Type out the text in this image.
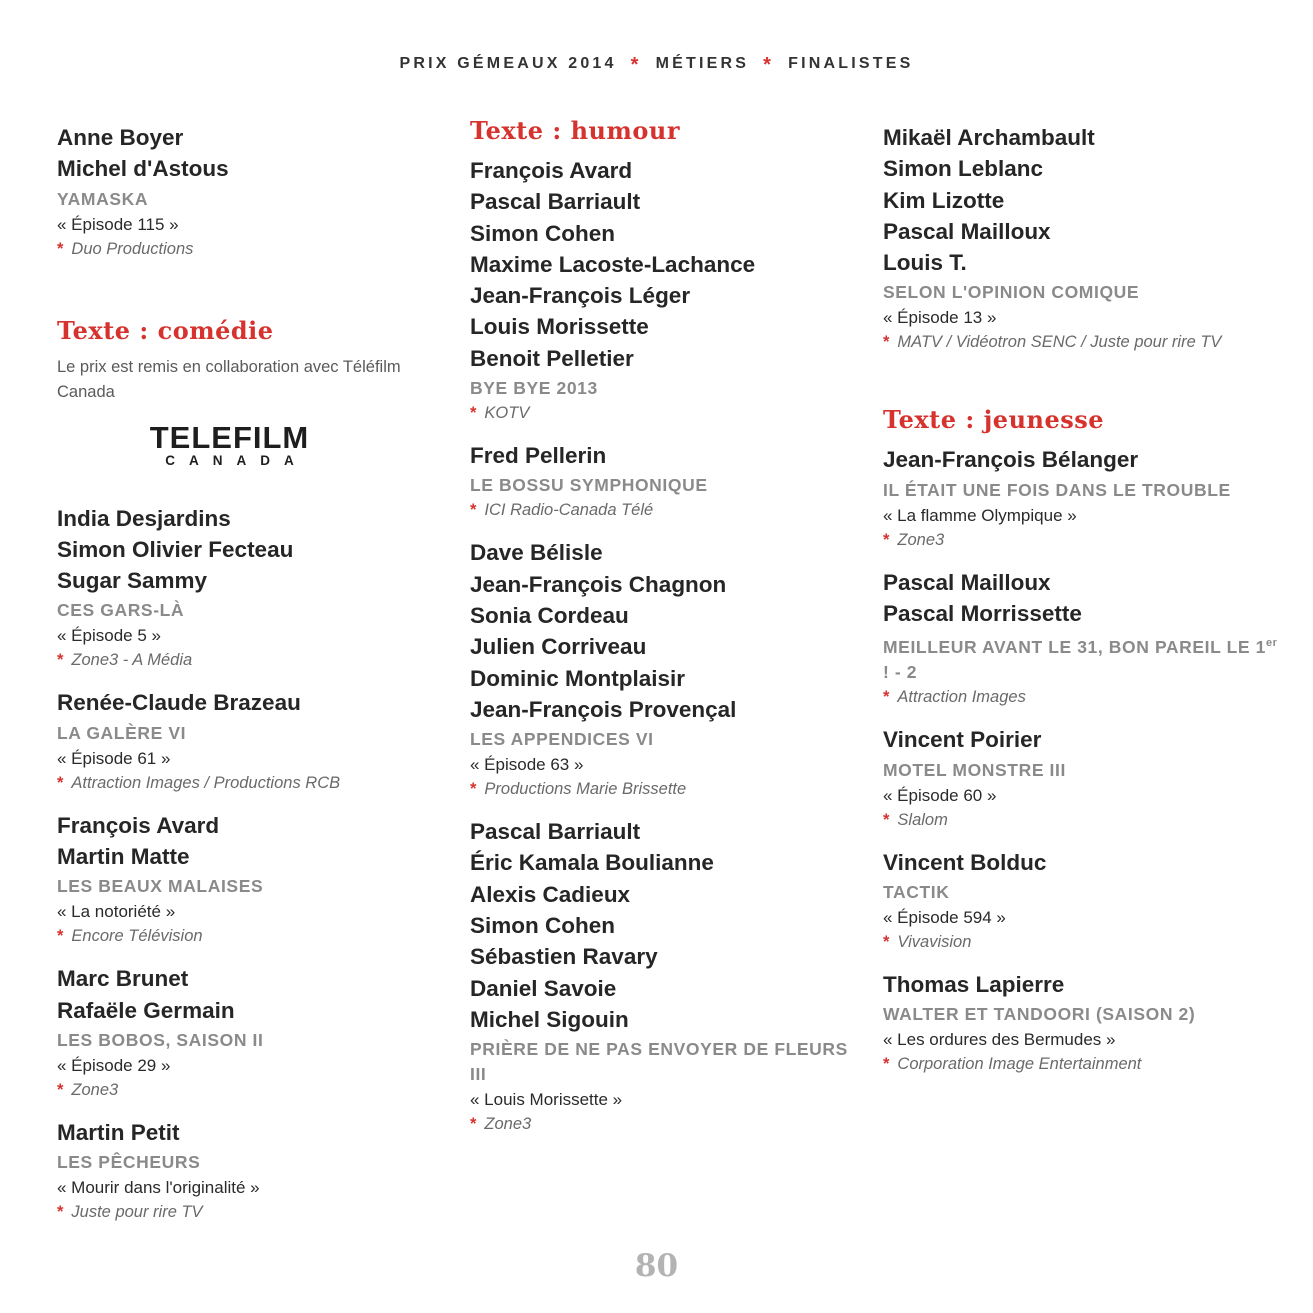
PRIX GÉMEAUX 2014 * MÉTIERS * FINALISTES
Anne Boyer
Michel d'Astous
YAMASKA
« Épisode 115 »
* Duo Productions
Texte : comédie
Le prix est remis en collaboration avec Téléfilm Canada
TELEFILM
CANADA
India Desjardins
Simon Olivier Fecteau
Sugar Sammy
CES GARS-LÀ
« Épisode 5 »
* Zone3 - A Média
Renée-Claude Brazeau
LA GALÈRE VI
« Épisode 61 »
* Attraction Images / Productions RCB
François Avard
Martin Matte
LES BEAUX MALAISES
« La notoriété »
* Encore Télévision
Marc Brunet
Rafaële Germain
LES BOBOS, SAISON II
« Épisode 29 »
* Zone3
Martin Petit
LES PÊCHEURS
« Mourir dans l'originalité »
* Juste pour rire TV
Texte : humour
François Avard
Pascal Barriault
Simon Cohen
Maxime Lacoste-Lachance
Jean-François Léger
Louis Morissette
Benoit Pelletier
BYE BYE 2013
* KOTV
Fred Pellerin
LE BOSSU SYMPHONIQUE
* ICI Radio-Canada Télé
Dave Bélisle
Jean-François Chagnon
Sonia Cordeau
Julien Corriveau
Dominic Montplaisir
Jean-François Provençal
LES APPENDICES VI
« Épisode 63 »
* Productions Marie Brissette
Pascal Barriault
Éric Kamala Boulianne
Alexis Cadieux
Simon Cohen
Sébastien Ravary
Daniel Savoie
Michel Sigouin
PRIÈRE DE NE PAS ENVOYER DE FLEURS III
« Louis Morissette »
* Zone3
Mikaël Archambault
Simon Leblanc
Kim Lizotte
Pascal Mailloux
Louis T.
SELON L'OPINION COMIQUE
« Épisode 13 »
* MATV / Vidéotron SENC / Juste pour rire TV
Texte : jeunesse
Jean-François Bélanger
IL ÉTAIT UNE FOIS DANS LE TROUBLE
« La flamme Olympique »
* Zone3
Pascal Mailloux
Pascal Morrissette
MEILLEUR AVANT LE 31, BON PAREIL LE 1er ! - 2
* Attraction Images
Vincent Poirier
MOTEL MONSTRE III
« Épisode 60 »
* Slalom
Vincent Bolduc
TACTIK
« Épisode 594 »
* Vivavision
Thomas Lapierre
WALTER ET TANDOORI (SAISON 2)
« Les ordures des Bermudes »
* Corporation Image Entertainment
80
